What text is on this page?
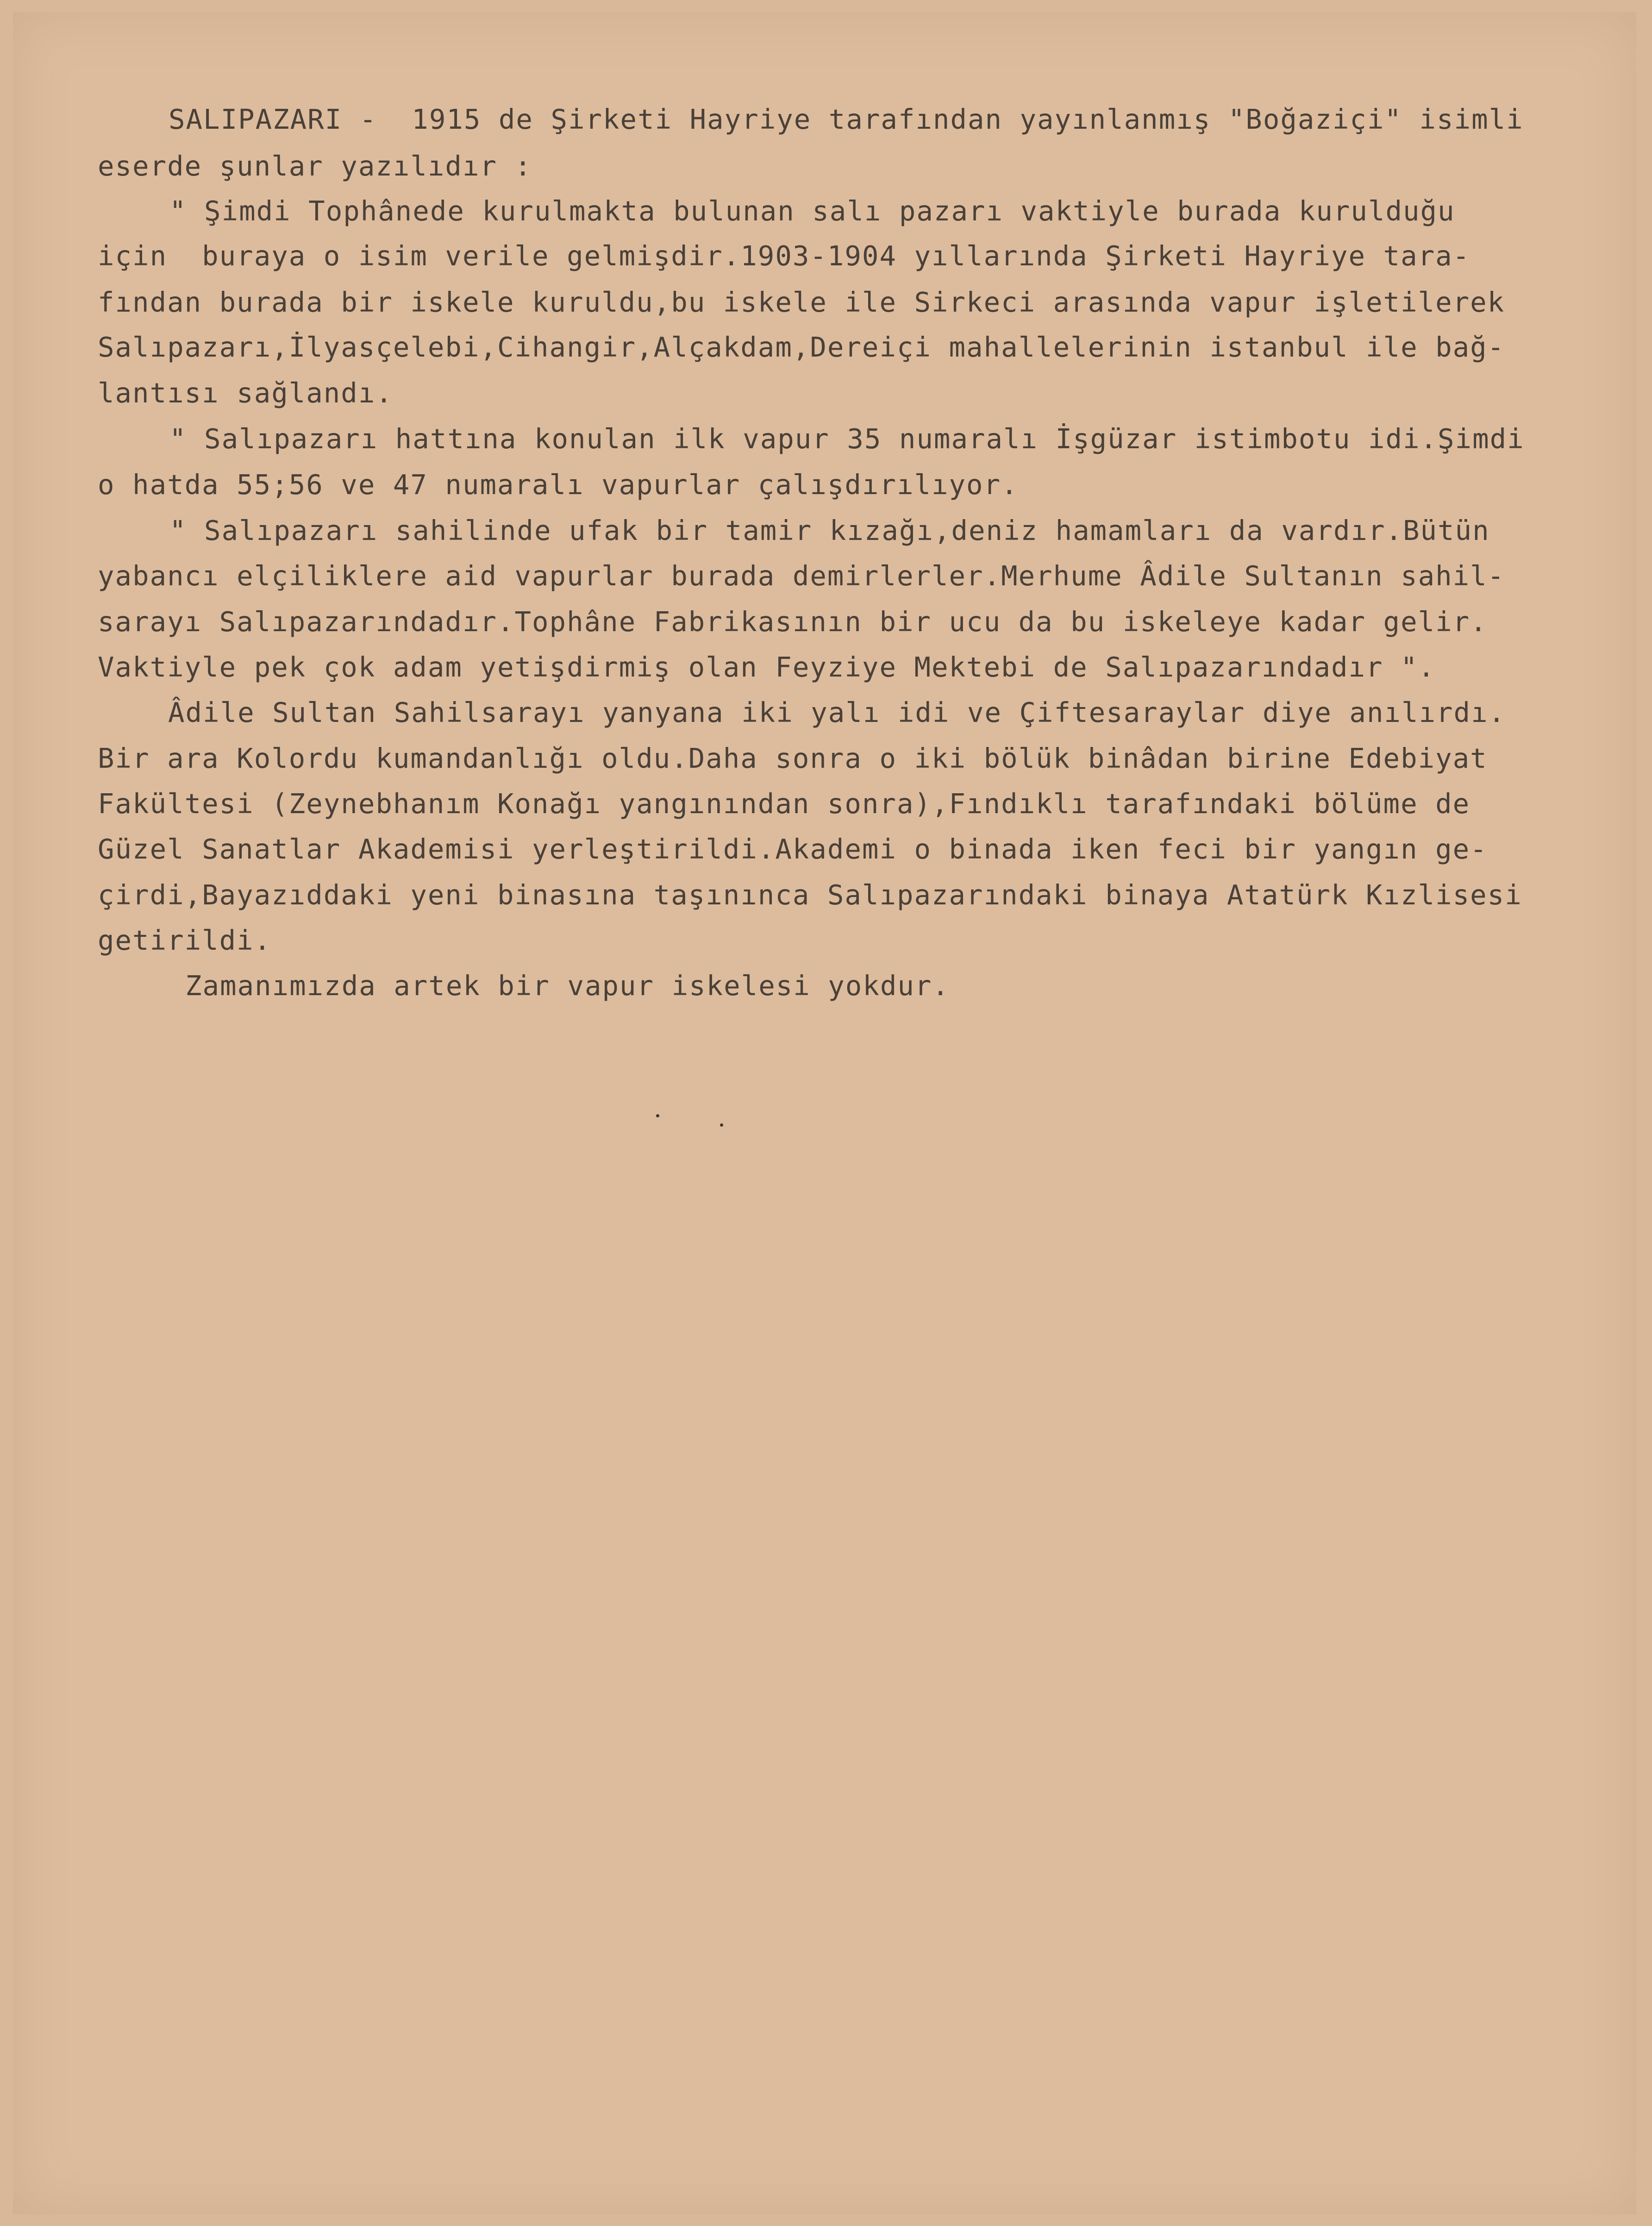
SALIPAZARI -  1915 de Şirketi Hayriye tarafından yayınlanmış "Boğaziçi" isimli
eserde şunlar yazılıdır :
" Şimdi Tophânede kurulmakta bulunan salı pazarı vaktiyle burada kurulduğu
için  buraya o isim verile gelmişdir.1903-1904 yıllarında Şirketi Hayriye tara-
fından burada bir iskele kuruldu,bu iskele ile Sirkeci arasında vapur işletilerek
Salıpazarı,İlyasçelebi,Cihangir,Alçakdam,Dereiçi mahallelerinin istanbul ile bağ-
lantısı sağlandı.
" Salıpazarı hattına konulan ilk vapur 35 numaralı İşgüzar istimbotu idi.Şimdi
o hatda 55;56 ve 47 numaralı vapurlar çalışdırılıyor.
" Salıpazarı sahilinde ufak bir tamir kızağı,deniz hamamları da vardır.Bütün
yabancı elçiliklere aid vapurlar burada demirlerler.Merhume Âdile Sultanın sahil-
sarayı Salıpazarındadır.Tophâne Fabrikasının bir ucu da bu iskeleye kadar gelir.
Vaktiyle pek çok adam yetişdirmiş olan Feyziye Mektebi de Salıpazarındadır ".
Âdile Sultan Sahilsarayı yanyana iki yalı idi ve Çiftesaraylar diye anılırdı.
Bir ara Kolordu kumandanlığı oldu.Daha sonra o iki bölük binâdan birine Edebiyat
Fakültesi (Zeynebhanım Konağı yangınından sonra),Fındıklı tarafındaki bölüme de
Güzel Sanatlar Akademisi yerleştirildi.Akademi o binada iken feci bir yangın ge-
çirdi,Bayazıddaki yeni binasına taşınınca Salıpazarındaki binaya Atatürk Kızlisesi
getirildi.
Zamanımızda artek bir vapur iskelesi yokdur.
